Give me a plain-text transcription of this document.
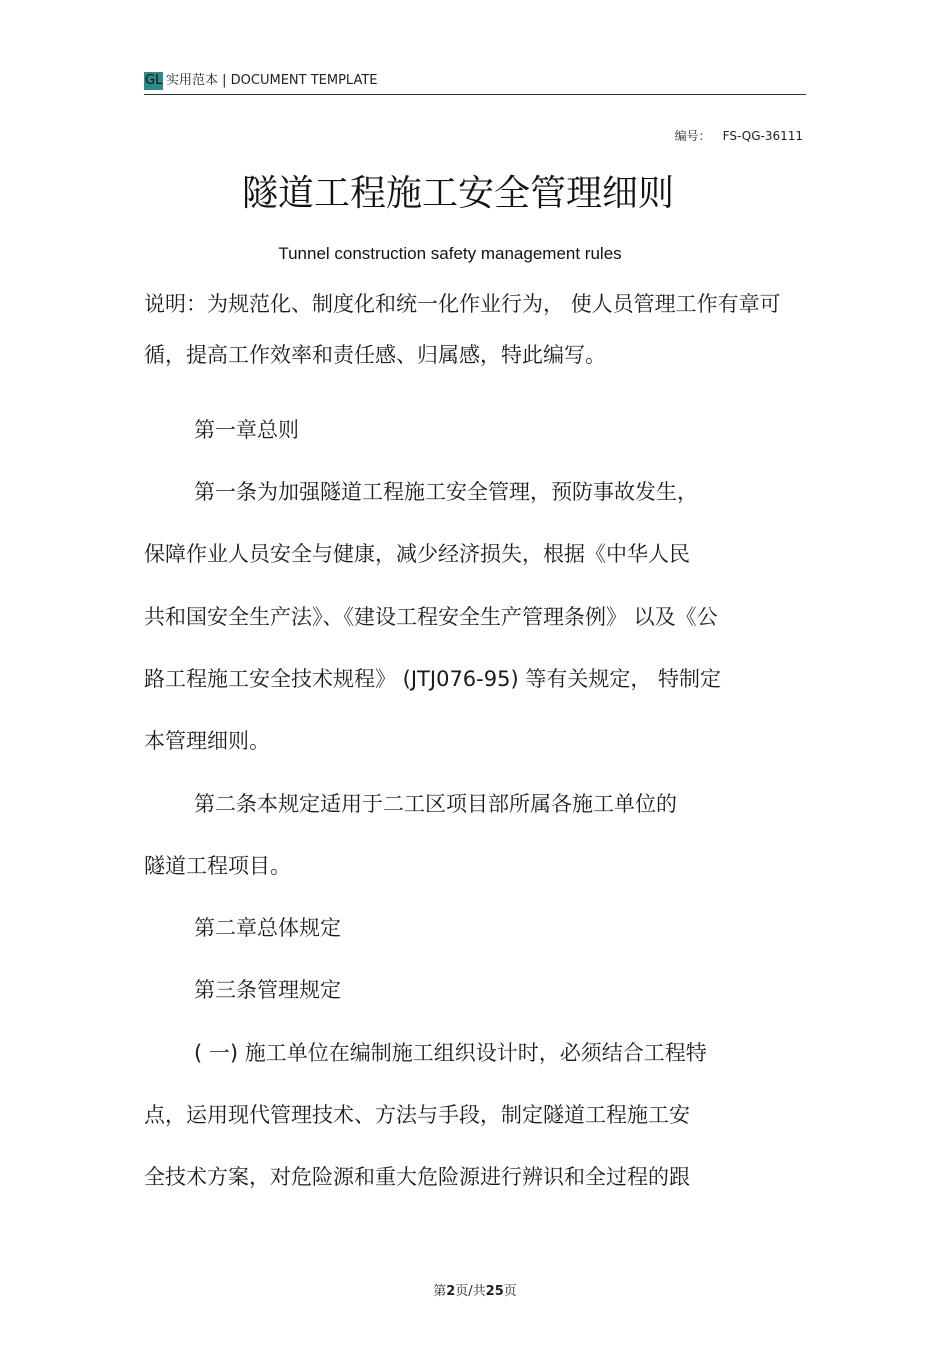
GL 实用范本 | DOCUMENT TEMPLATE
编号： FS-QG-36111
隧道工程施工安全管理细则
Tunnel construction safety management rules
说明：为规范化、制度化和统一化作业行为， 使人员管理工作有章可
循，提高工作效率和责任感、归属感，特此编写。
第一章总则
第一条为加强隧道工程施工安全管理，预防事故发生，
保障作业人员安全与健康，减少经济损失，根据《中华人民
共和国安全生产法》、《建设工程安全生产管理条例》 以及《公
路工程施工安全技术规程》 (JTJ076-95) 等有关规定， 特制定
本管理细则。
第二条本规定适用于二工区项目部所属各施工单位的
隧道工程项目。
第二章总体规定
第三条管理规定
( 一) 施工单位在编制施工组织设计时，必须结合工程特
点，运用现代管理技术、方法与手段，制定隧道工程施工安
全技术方案，对危险源和重大危险源进行辨识和全过程的跟
第2页/共25页
